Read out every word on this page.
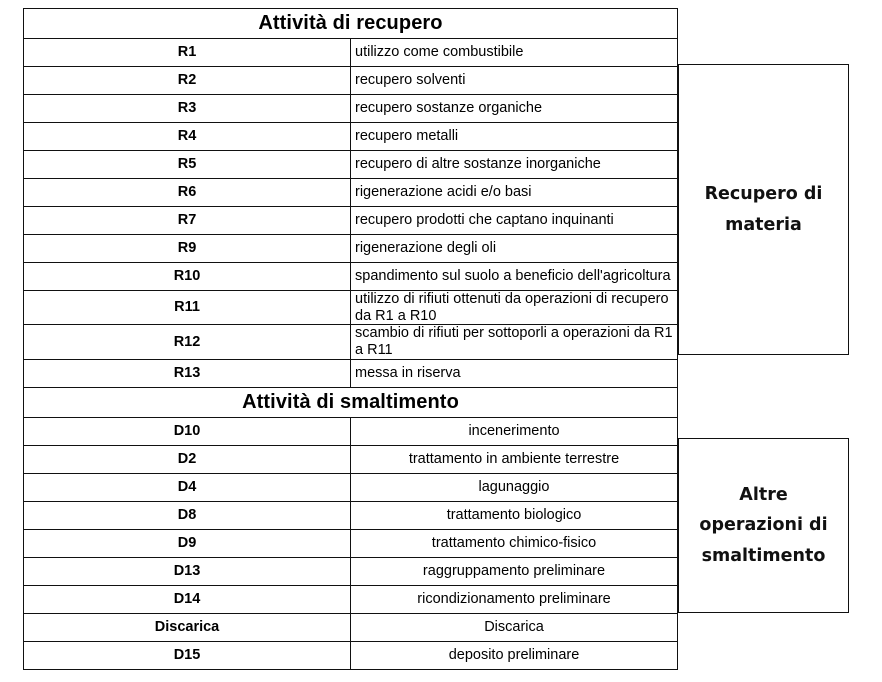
Attività di recupero	
R1	utilizzo come combustibile
R2	recupero solventi
R3	recupero sostanze organiche
R4	recupero metalli
R5	recupero di altre sostanze inorganiche
R6	rigenerazione acidi e/o basi
R7	recupero prodotti che captano inquinanti
R9	rigenerazione degli oli
R10	spandimento sul suolo a beneficio dell'agricoltura
R11	utilizzo di rifiuti ottenuti da operazioni di recupero da R1 a R10
R12	scambio di rifiuti per sottoporli a operazioni da R1 a R11
R13	messa in riserva
Attività di smaltimento	
D10	incenerimento
D2	trattamento in ambiente terrestre
D4	lagunaggio
D8	trattamento biologico
D9	trattamento chimico-fisico
D13	raggruppamento preliminare
D14	ricondizionamento preliminare
Discarica	Discarica
D15	deposito preliminare
Recupero di
materia
Altre
operazioni di
smaltimento
